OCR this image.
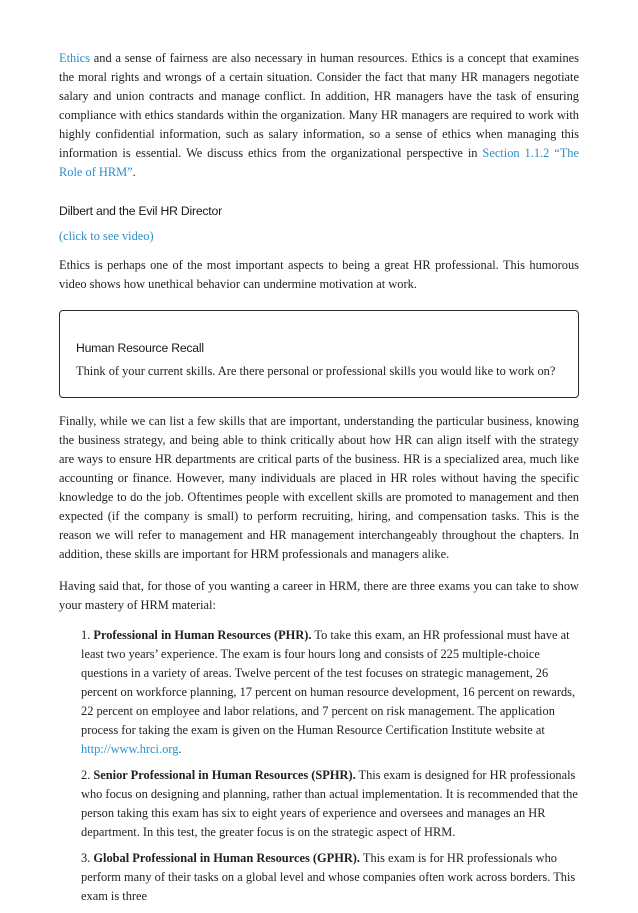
Ethics and a sense of fairness are also necessary in human resources. Ethics is a concept that examines the moral rights and wrongs of a certain situation. Consider the fact that many HR managers negotiate salary and union contracts and manage conflict. In addition, HR managers have the task of ensuring compliance with ethics standards within the organization. Many HR managers are required to work with highly confidential information, such as salary information, so a sense of ethics when managing this information is essential. We discuss ethics from the organizational perspective in Section 1.1.2 “The Role of HRM”.

Dilbert and the Evil HR Director

(click to see video)

Ethics is perhaps one of the most important aspects to being a great HR professional. This humorous video shows how unethical behavior can undermine motivation at work.

Human Resource Recall

Think of your current skills. Are there personal or professional skills you would like to work on?

Finally, while we can list a few skills that are important, understanding the particular business, knowing the business strategy, and being able to think critically about how HR can align itself with the strategy are ways to ensure HR departments are critical parts of the business. HR is a specialized area, much like accounting or finance. However, many individuals are placed in HR roles without having the specific knowledge to do the job. Oftentimes people with excellent skills are promoted to management and then expected (if the company is small) to perform recruiting, hiring, and compensation tasks. This is the reason we will refer to management and HR management interchangeably throughout the chapters. In addition, these skills are important for HRM professionals and managers alike.

Having said that, for those of you wanting a career in HRM, there are three exams you can take to show your mastery of HRM material:

1. Professional in Human Resources (PHR). To take this exam, an HR professional must have at least two years’ experience. The exam is four hours long and consists of 225 multiple-choice questions in a variety of areas. Twelve percent of the test focuses on strategic management, 26 percent on workforce planning, 17 percent on human resource development, 16 percent on rewards, 22 percent on employee and labor relations, and 7 percent on risk management. The application process for taking the exam is given on the Human Resource Certification Institute website at http://www.hrci.org.

2. Senior Professional in Human Resources (SPHR). This exam is designed for HR professionals who focus on designing and planning, rather than actual implementation. It is recommended that the person taking this exam has six to eight years of experience and oversees and manages an HR department. In this test, the greater focus is on the strategic aspect of HRM.

3. Global Professional in Human Resources (GPHR). This exam is for HR professionals who perform many of their tasks on a global level and whose companies often work across borders. This exam is three
